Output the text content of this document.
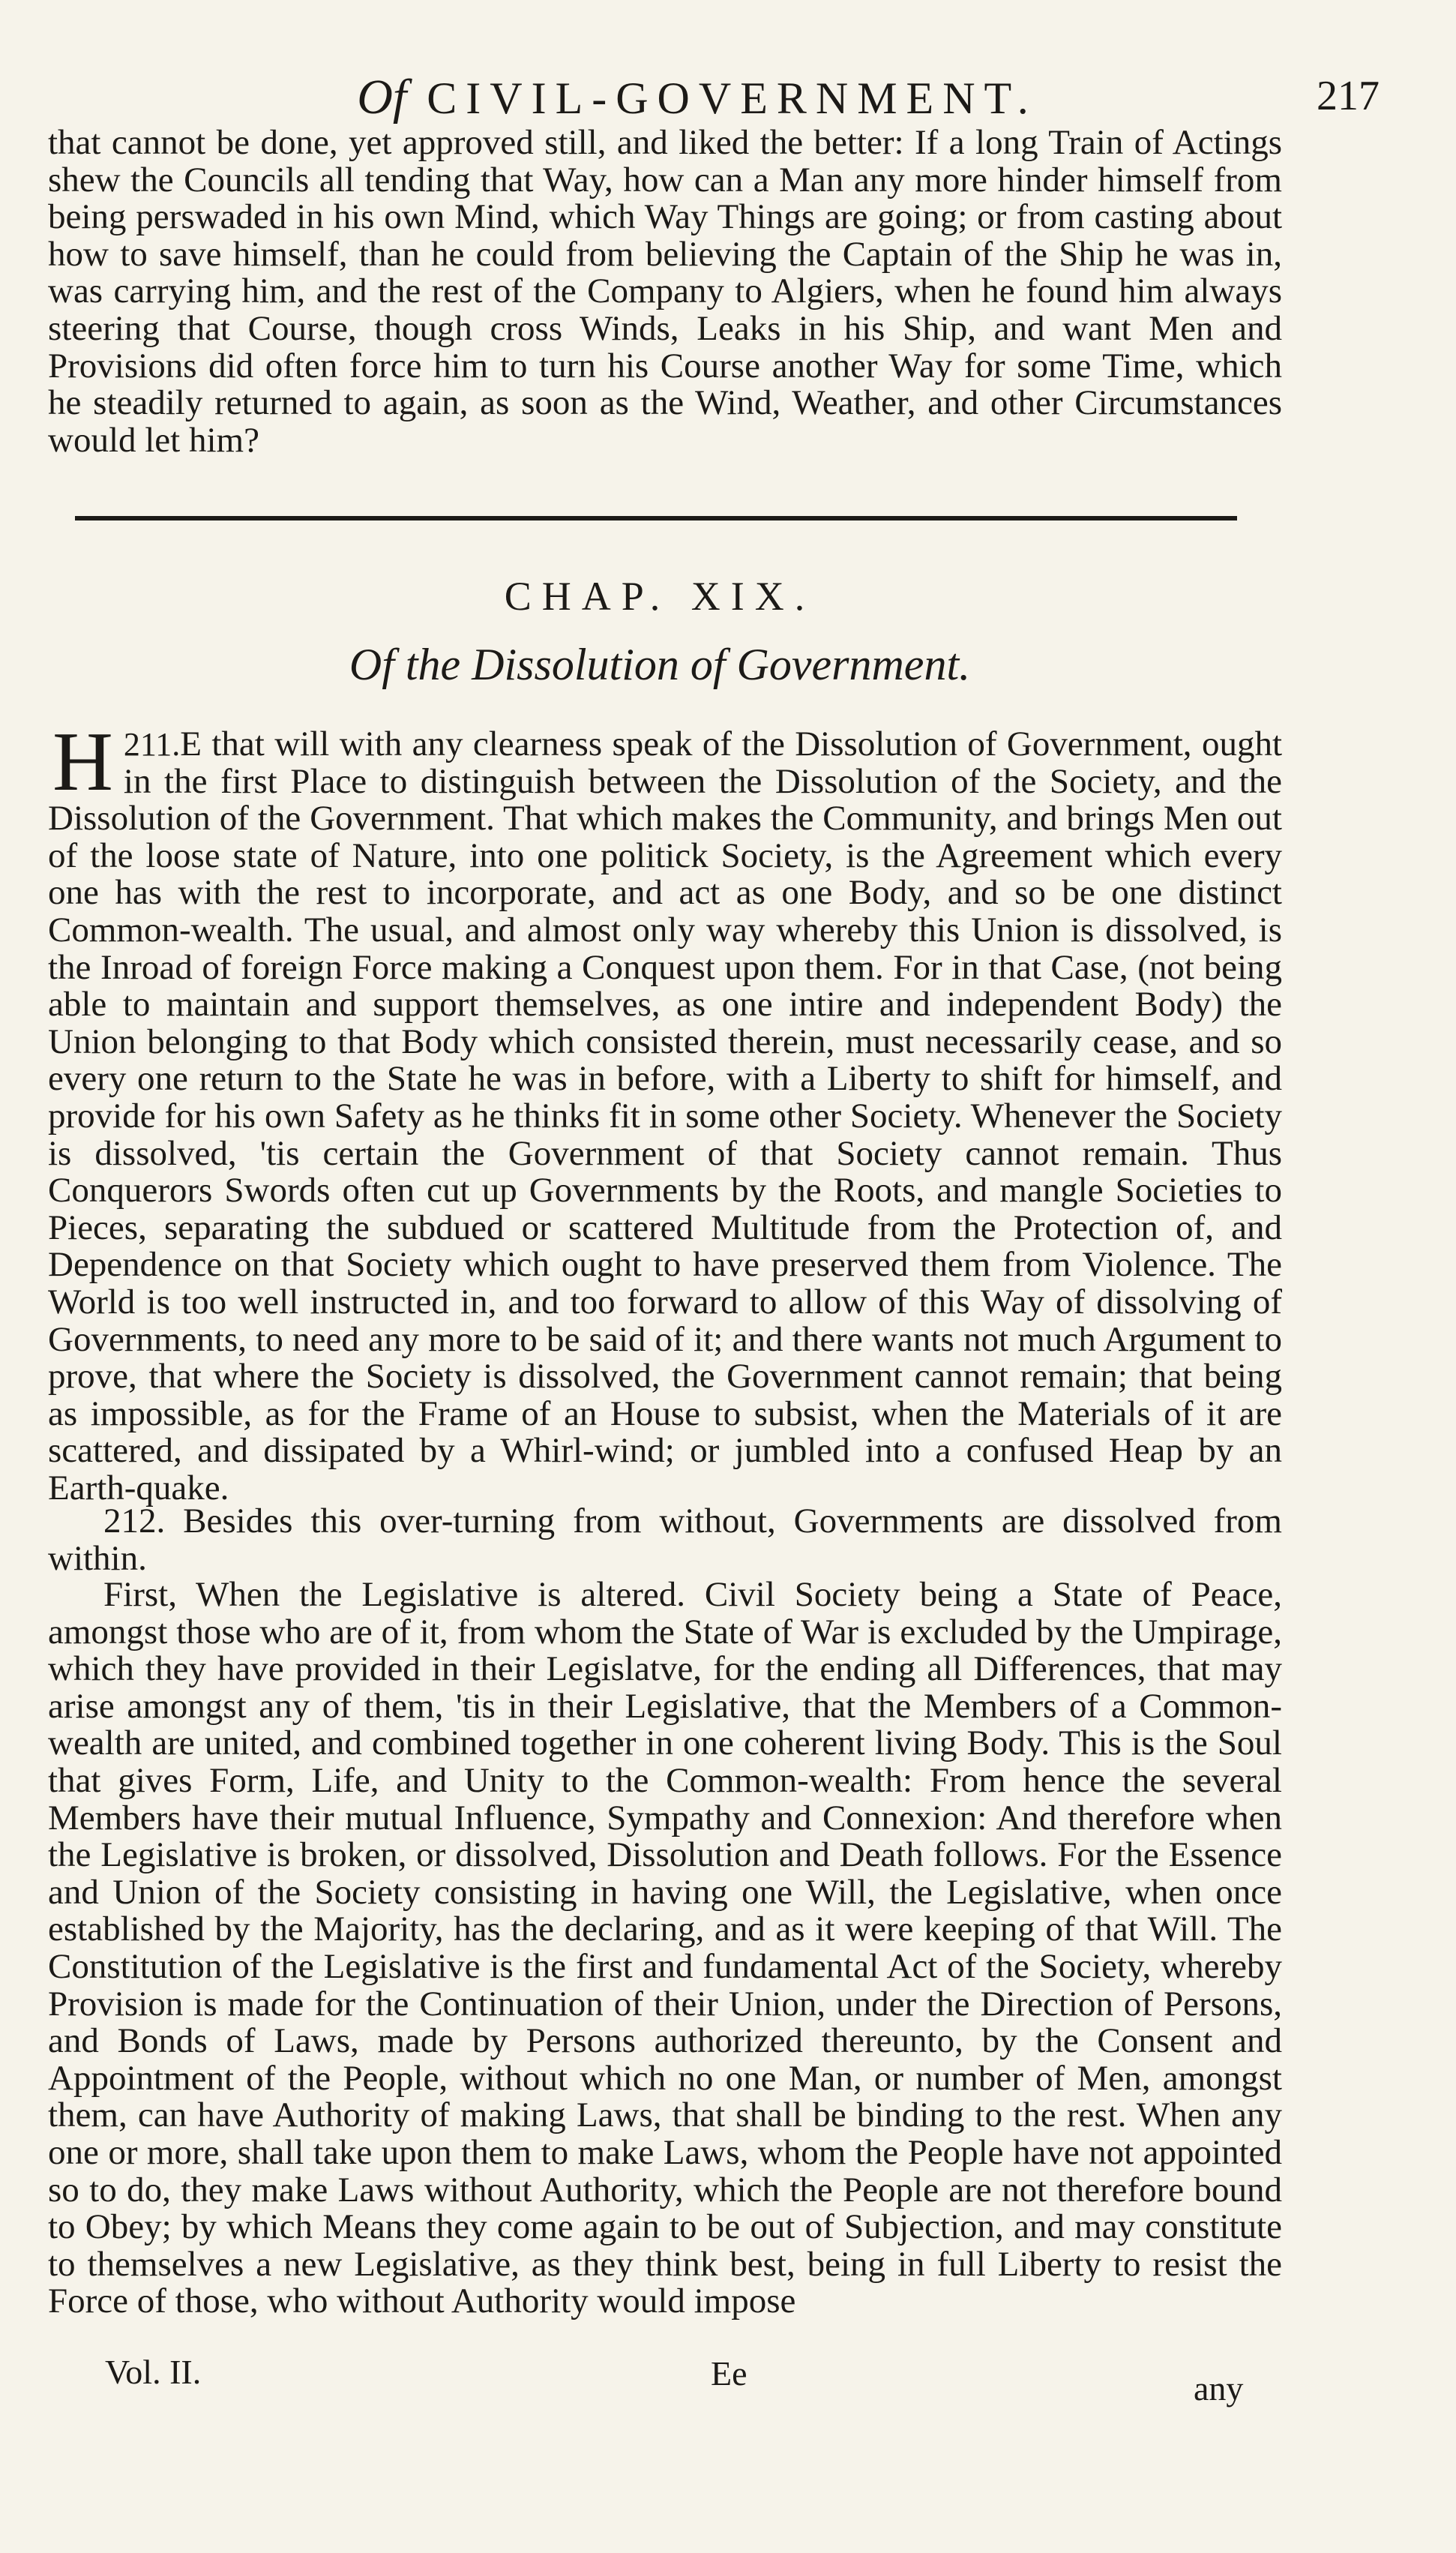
Of CIVIL-GOVERNMENT.	217

that cannot be done, yet approved still, and liked the better: If a long Train of Actings shew the Councils all tending that Way, how can a Man any more hinder himself from being perswaded in his own Mind, which Way Things are going; or from casting about how to save himself, than he could from believing the Captain of the Ship he was in, was carrying him, and the rest of the Company to Algiers, when he found him always steering that Course, though cross Winds, Leaks in his Ship, and want Men and Provisions did often force him to turn his Course another Way for some Time, which he steadily returned to again, as soon as the Wind, Weather, and other Circumstances would let him?

CHAP. XIX.
Of the Dissolution of Government.

211.
H E that will with any clearness speak of the Dissolution of Government, ought in the first Place to distinguish between the Dissolution of the Society, and the Dissolution of the Government. That which makes the Community, and brings Men out of the loose state of Nature, into one politick Society, is the Agreement which every one has with the rest to incorporate, and act as one Body, and so be one distinct Common-wealth. The usual, and almost only way whereby this Union is dissolved, is the Inroad of foreign Force making a Conquest upon them. For in that Case, (not being able to maintain and support themselves, as one intire and independent Body) the Union belonging to that Body which consisted therein, must necessarily cease, and so every one return to the State he was in before, with a Liberty to shift for himself, and provide for his own Safety as he thinks fit in some other Society. Whenever the Society is dissolved, 'tis certain the Government of that Society cannot remain. Thus Conquerors Swords often cut up Governments by the Roots, and mangle Societies to Pieces, separating the subdued or scattered Multitude from the Protection of, and Dependence on that Society which ought to have preserved them from Violence. The World is too well instructed in, and too forward to allow of this Way of dissolving of Governments, to need any more to be said of it; and there wants not much Argument to prove, that where the Society is dissolved, the Government cannot remain; that being as impossible, as for the Frame of an House to subsist, when the Materials of it are scattered, and dissipated by a Whirl-wind; or jumbled into a confused Heap by an Earth-quake.

212. Besides this over-turning from without, Governments are dissolved from within.

First, When the Legislative is altered. Civil Society being a State of Peace, amongst those who are of it, from whom the State of War is excluded by the Umpirage, which they have provided in their Legislatve, for the ending all Differences, that may arise amongst any of them, 'tis in their Legislative, that the Members of a Common-wealth are united, and combined together in one coherent living Body. This is the Soul that gives Form, Life, and Unity to the Common-wealth: From hence the several Members have their mutual Influence, Sympathy and Connexion: And therefore when the Legislative is broken, or dissolved, Dissolution and Death follows. For the Essence and Union of the Society consisting in having one Will, the Legislative, when once established by the Majority, has the declaring, and as it were keeping of that Will. The Constitution of the Legislative is the first and fundamental Act of the Society, whereby Provision is made for the Continuation of their Union, under the Direction of Persons, and Bonds of Laws, made by Persons authorized thereunto, by the Consent and Appointment of the People, without which no one Man, or number of Men, amongst them, can have Authority of making Laws, that shall be binding to the rest. When any one or more, shall take upon them to make Laws, whom the People have not appointed so to do, they make Laws without Authority, which the People are not therefore bound to Obey; by which Means they come again to be out of Subjection, and may constitute to themselves a new Legislative, as they think best, being in full Liberty to resist the Force of those, who without Authority would impose

Vol. II.	Ee	any
